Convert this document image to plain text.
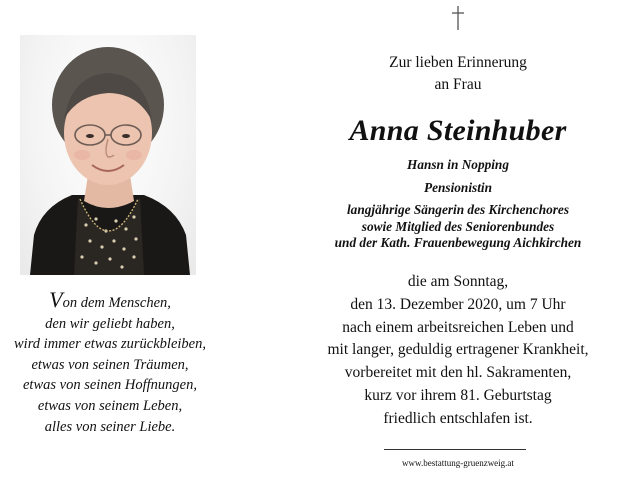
Von dem Menschen,
den wir geliebt haben,
wird immer etwas zurückbleiben,
etwas von seinen Träumen,
etwas von seinen Hoffnungen,
etwas von seinem Leben,
alles von seiner Liebe.
Zur lieben Erinnerung
an Frau
Anna Steinhuber
Hansn in Nopping
Pensionistin
langjährige Sängerin des Kirchenchores
sowie Mitglied des Seniorenbundes
und der Kath. Frauenbewegung Aichkirchen
die am Sonntag,
den 13. Dezember 2020, um 7 Uhr
nach einem arbeitsreichen Leben und
mit langer, geduldig ertragener Krankheit,
vorbereitet mit den hl. Sakramenten,
kurz vor ihrem 81. Geburtstag
friedlich entschlafen ist.
www.bestattung-gruenzweig.at
